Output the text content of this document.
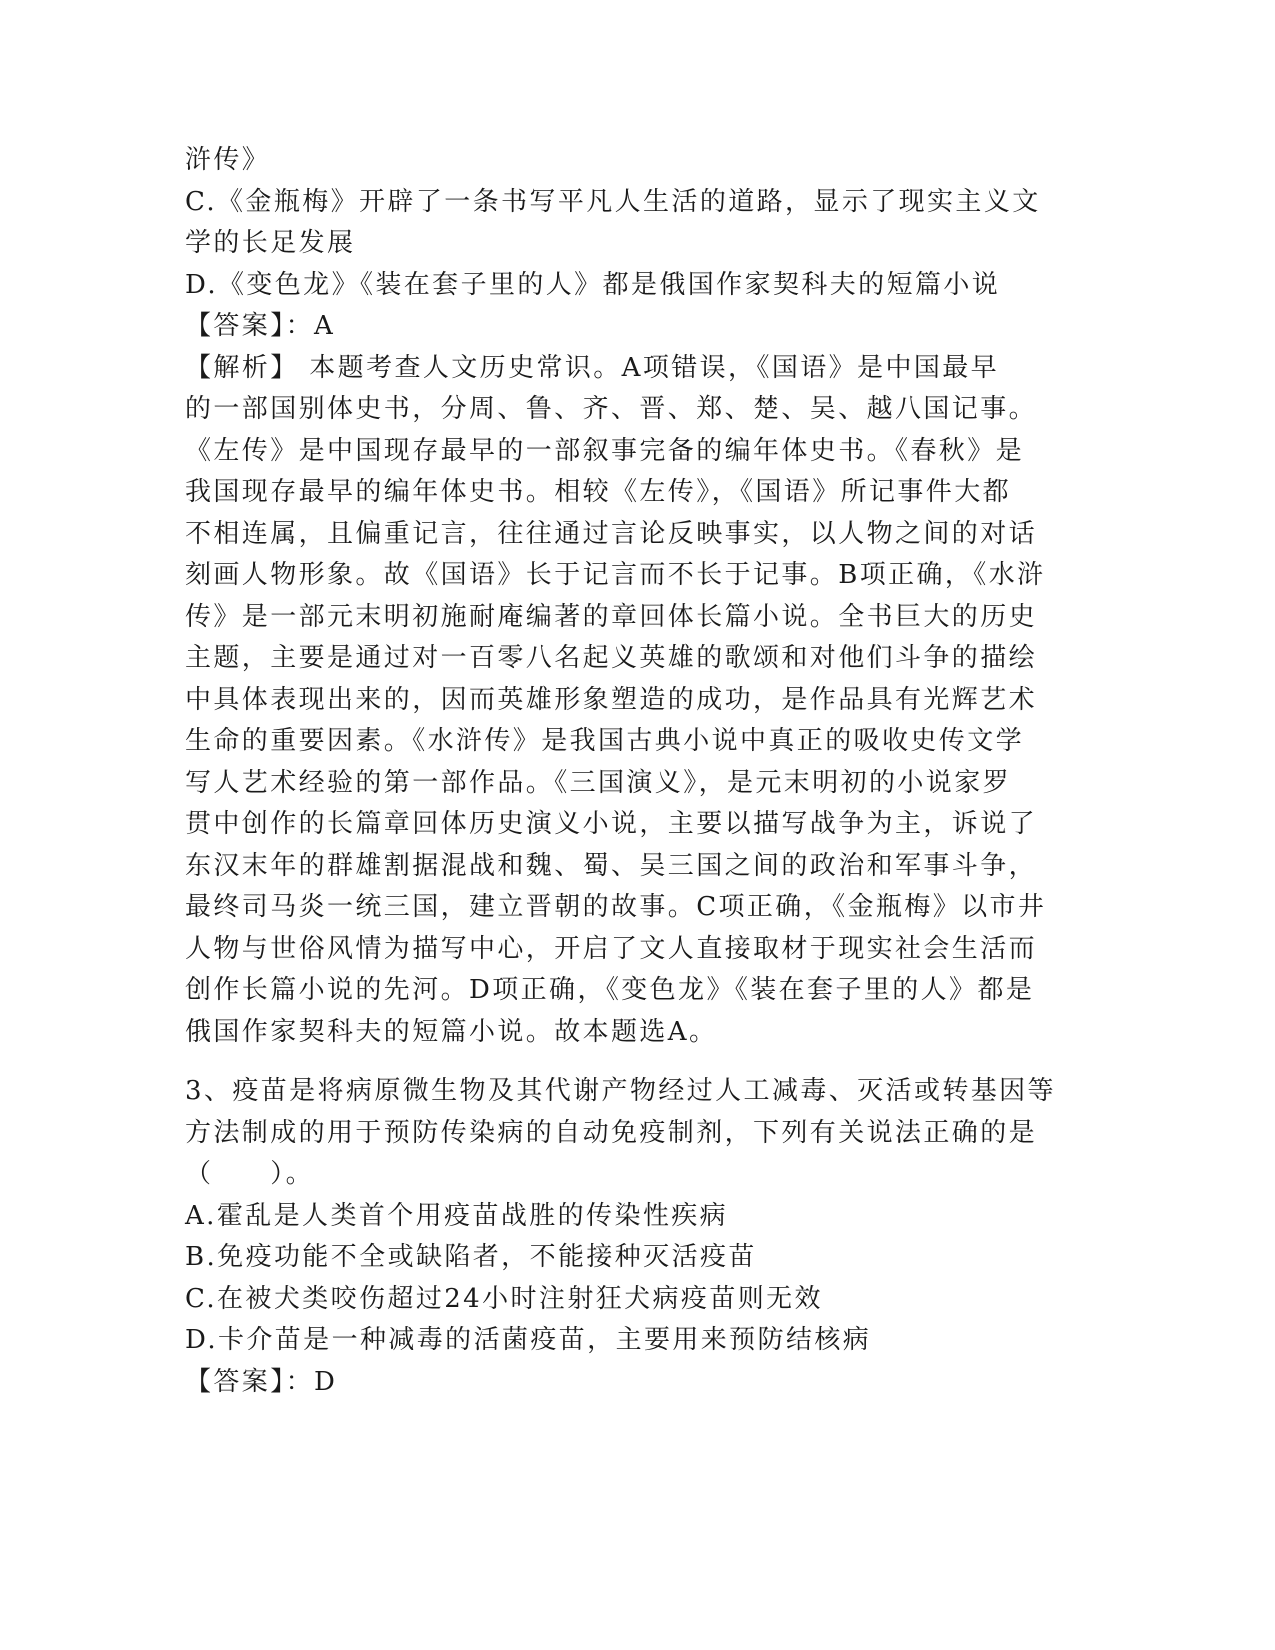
浒传》
C.《金瓶梅》开辟了一条书写平凡人生活的道路，显示了现实主义文
学的长足发展
D.《变色龙》《装在套子里的人》都是俄国作家契科夫的短篇小说
【答案】：A
【解析】 本题考查人文历史常识。A项错误，《国语》是中国最早
的一部国别体史书，分周、鲁、齐、晋、郑、楚、吴、越八国记事。
《左传》是中国现存最早的一部叙事完备的编年体史书。《春秋》是
我国现存最早的编年体史书。相较《左传》，《国语》所记事件大都
不相连属，且偏重记言，往往通过言论反映事实，以人物之间的对话
刻画人物形象。故《国语》长于记言而不长于记事。B项正确，《水浒
传》是一部元末明初施耐庵编著的章回体长篇小说。全书巨大的历史
主题，主要是通过对一百零八名起义英雄的歌颂和对他们斗争的描绘
中具体表现出来的，因而英雄形象塑造的成功，是作品具有光辉艺术
生命的重要因素。《水浒传》是我国古典小说中真正的吸收史传文学
写人艺术经验的第一部作品。《三国演义》，是元末明初的小说家罗
贯中创作的长篇章回体历史演义小说，主要以描写战争为主，诉说了
东汉末年的群雄割据混战和魏、蜀、吴三国之间的政治和军事斗争，
最终司马炎一统三国，建立晋朝的故事。C项正确，《金瓶梅》以市井
人物与世俗风情为描写中心，开启了文人直接取材于现实社会生活而
创作长篇小说的先河。D项正确，《变色龙》《装在套子里的人》都是
俄国作家契科夫的短篇小说。故本题选A。
3、疫苗是将病原微生物及其代谢产物经过人工减毒、灭活或转基因等
方法制成的用于预防传染病的自动免疫制剂，下列有关说法正确的是
（　　）。
A.霍乱是人类首个用疫苗战胜的传染性疾病
B.免疫功能不全或缺陷者，不能接种灭活疫苗
C.在被犬类咬伤超过24小时注射狂犬病疫苗则无效
D.卡介苗是一种减毒的活菌疫苗，主要用来预防结核病
【答案】：D
